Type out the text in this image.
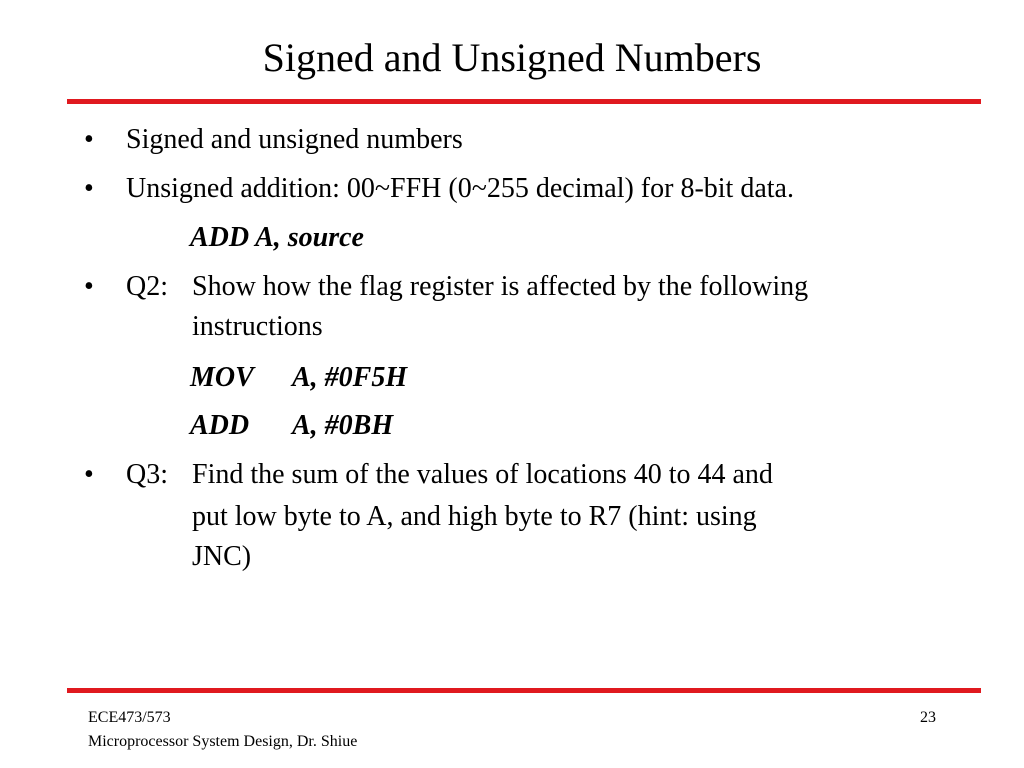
Signed and Unsigned Numbers
• Signed and unsigned numbers
• Unsigned addition: 00~FFH (0~255 decimal) for 8-bit data.
ADD A, source
• Q2: Show how the flag register is affected by the following
instructions
MOV A, #0F5H
ADD A, #0BH
• Q3: Find the sum of the values of locations 40 to 44 and
put low byte to A, and high byte to R7 (hint: using
JNC)
ECE473/573
Microprocessor System Design, Dr. Shiue
23
